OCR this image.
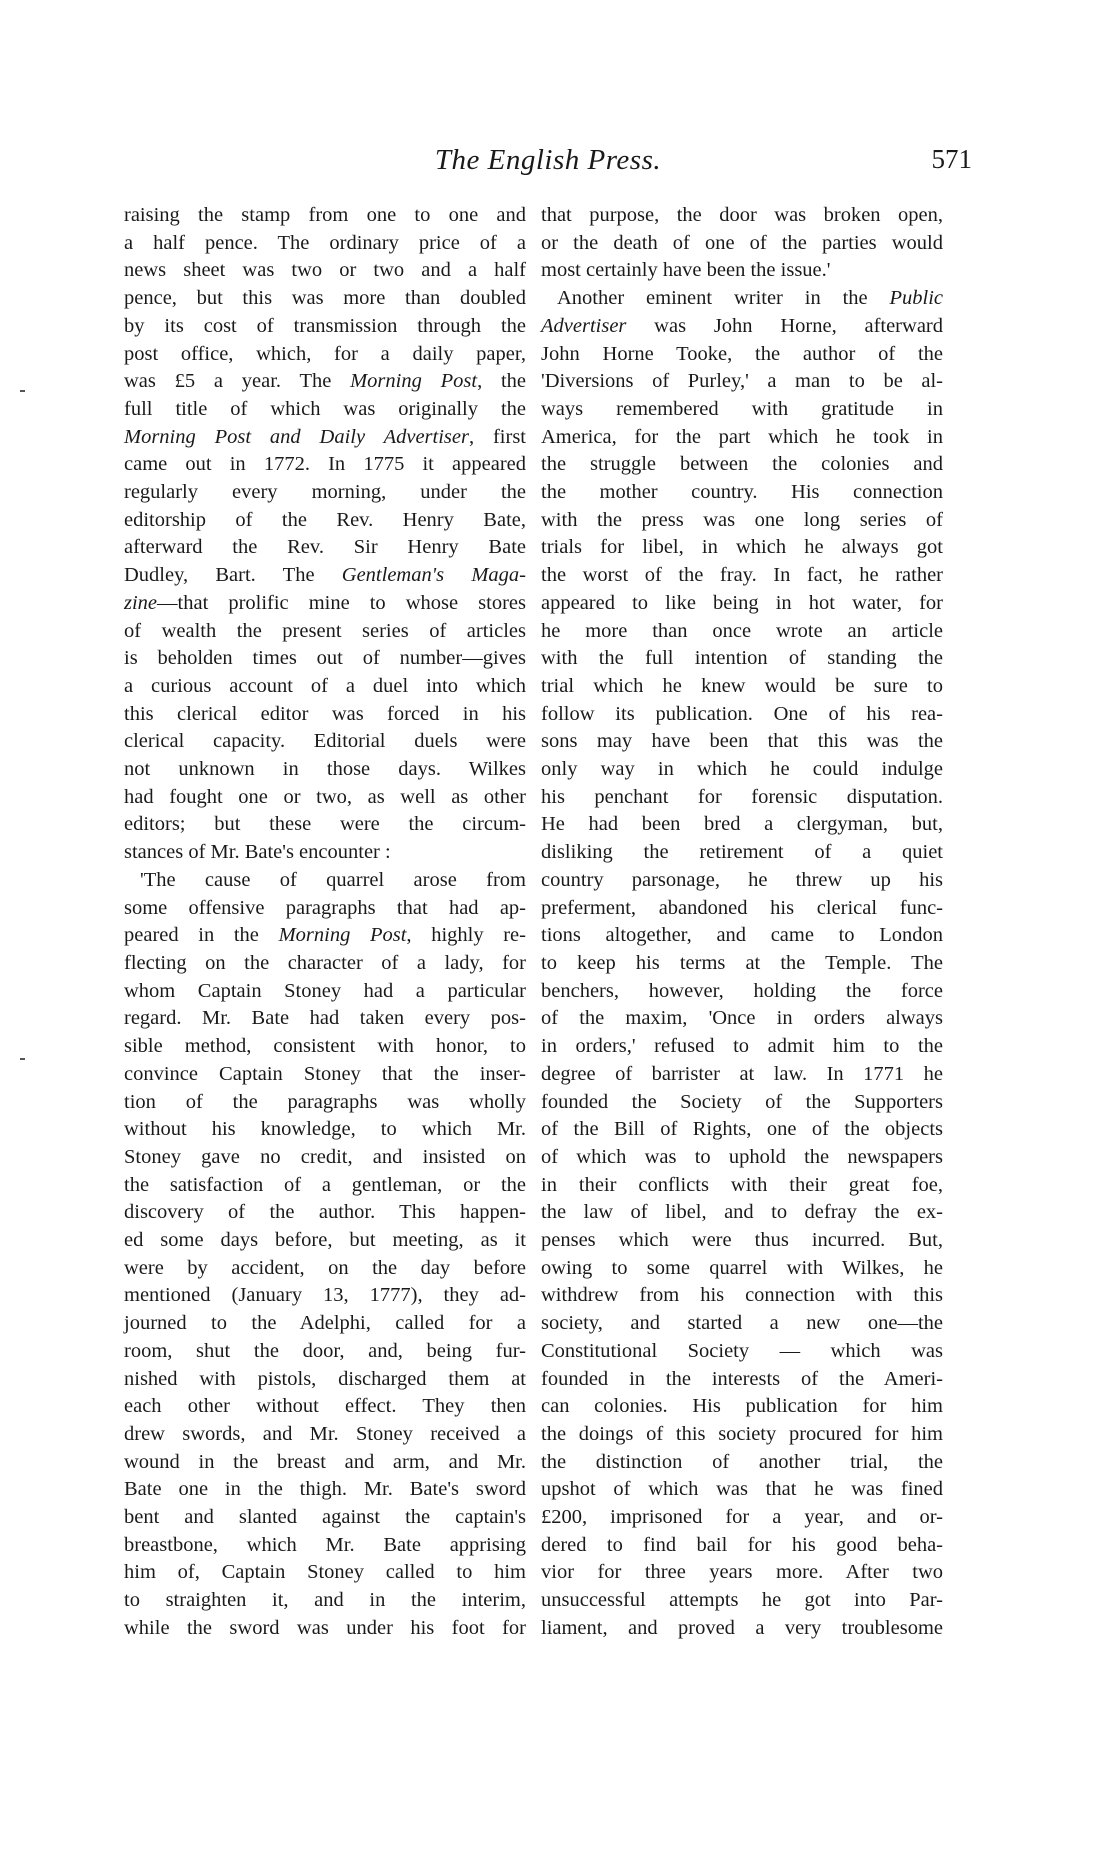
The English Press.	571
raising the stamp from one to one and
a half pence. The ordinary price of a
news sheet was two or two and a half
pence, but this was more than doubled
by its cost of transmission through the
post office, which, for a daily paper,
was £5 a year. The Morning Post, the
full title of which was originally the
Morning Post and Daily Advertiser, first
came out in 1772. In 1775 it appeared
regularly every morning, under the
editorship of the Rev. Henry Bate,
afterward the Rev. Sir Henry Bate
Dudley, Bart. The Gentleman's Maga-
zine—that prolific mine to whose stores
of wealth the present series of articles
is beholden times out of number—gives
a curious account of a duel into which
this clerical editor was forced in his
clerical capacity. Editorial duels were
not unknown in those days. Wilkes
had fought one or two, as well as other
editors; but these were the circum-
stances of Mr. Bate's encounter :
'The cause of quarrel arose from
some offensive paragraphs that had ap-
peared in the Morning Post, highly re-
flecting on the character of a lady, for
whom Captain Stoney had a particular
regard. Mr. Bate had taken every pos-
sible method, consistent with honor, to
convince Captain Stoney that the inser-
tion of the paragraphs was wholly
without his knowledge, to which Mr.
Stoney gave no credit, and insisted on
the satisfaction of a gentleman, or the
discovery of the author. This happen-
ed some days before, but meeting, as it
were by accident, on the day before
mentioned (January 13, 1777), they ad-
journed to the Adelphi, called for a
room, shut the door, and, being fur-
nished with pistols, discharged them at
each other without effect. They then
drew swords, and Mr. Stoney received a
wound in the breast and arm, and Mr.
Bate one in the thigh. Mr. Bate's sword
bent and slanted against the captain's
breastbone, which Mr. Bate apprising
him of, Captain Stoney called to him
to straighten it, and in the interim,
while the sword was under his foot for
that purpose, the door was broken open,
or the death of one of the parties would
most certainly have been the issue.'
Another eminent writer in the Public
Advertiser was John Horne, afterward
John Horne Tooke, the author of the
'Diversions of Purley,' a man to be al-
ways remembered with gratitude in
America, for the part which he took in
the struggle between the colonies and
the mother country. His connection
with the press was one long series of
trials for libel, in which he always got
the worst of the fray. In fact, he rather
appeared to like being in hot water, for
he more than once wrote an article
with the full intention of standing the
trial which he knew would be sure to
follow its publication. One of his rea-
sons may have been that this was the
only way in which he could indulge
his penchant for forensic disputation.
He had been bred a clergyman, but,
disliking the retirement of a quiet
country parsonage, he threw up his
preferment, abandoned his clerical func-
tions altogether, and came to London
to keep his terms at the Temple. The
benchers, however, holding the force
of the maxim, 'Once in orders always
in orders,' refused to admit him to the
degree of barrister at law. In 1771 he
founded the Society of the Supporters
of the Bill of Rights, one of the objects
of which was to uphold the newspapers
in their conflicts with their great foe,
the law of libel, and to defray the ex-
penses which were thus incurred. But,
owing to some quarrel with Wilkes, he
withdrew from his connection with this
society, and started a new one—the
Constitutional Society — which was
founded in the interests of the Ameri-
can colonies. His publication for him
the doings of this society procured for him
the distinction of another trial, the
upshot of which was that he was fined
£200, imprisoned for a year, and or-
dered to find bail for his good beha-
vior for three years more. After two
unsuccessful attempts he got into Par-
liament, and proved a very troublesome
